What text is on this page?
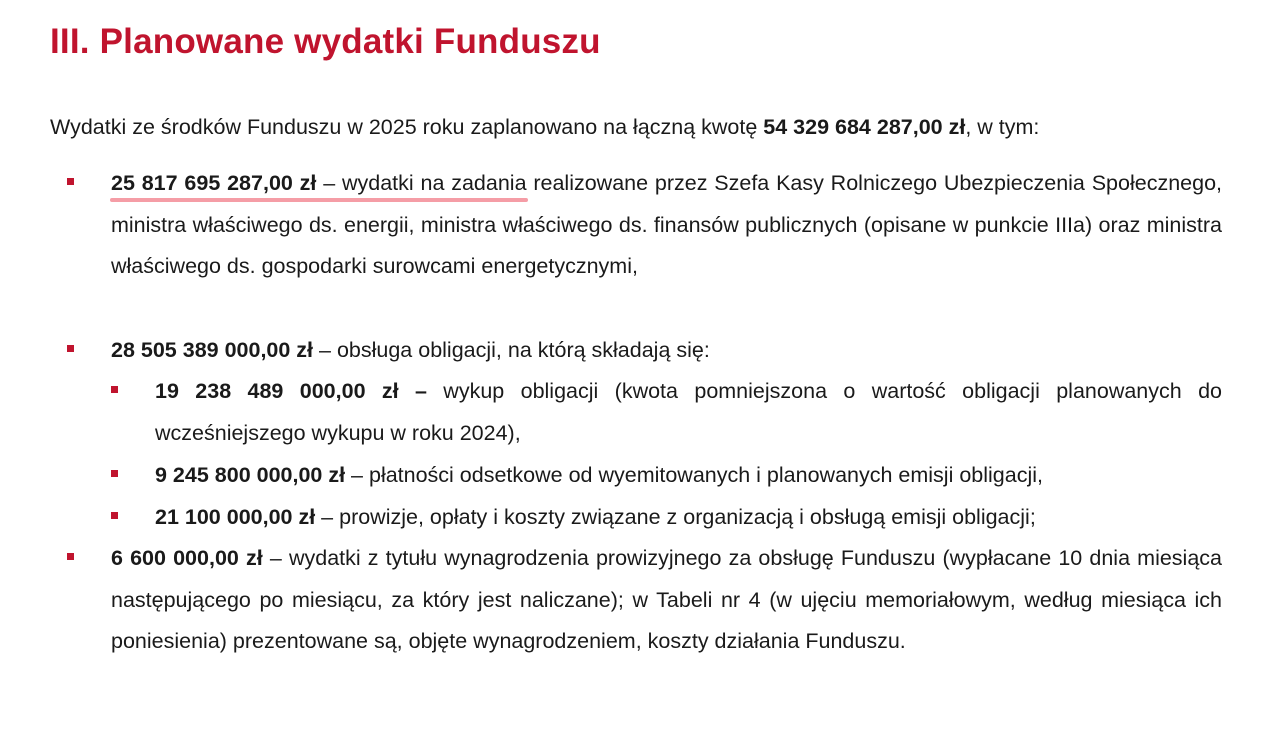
III. Planowane wydatki Funduszu

Wydatki ze środków Funduszu w 2025 roku zaplanowano na łączną kwotę 54 329 684 287,00 zł, w tym:

25 817 695 287,00 zł – wydatki na zadania realizowane przez Szefa Kasy Rolniczego Ubezpieczenia Społecznego, ministra właściwego ds. energii, ministra właściwego ds. finansów publicznych (opisane w punkcie IIIa) oraz ministra właściwego ds. gospodarki surowcami energetycznymi,
28 505 389 000,00 zł – obsługa obligacji, na którą składają się:
19 238 489 000,00 zł – wykup obligacji (kwota pomniejszona o wartość obligacji planowanych do wcześniejszego wykupu w roku 2024),
9 245 800 000,00 zł – płatności odsetkowe od wyemitowanych i planowanych emisji obligacji,
21 100 000,00 zł – prowizje, opłaty i koszty związane z organizacją i obsługą emisji obligacji;
6 600 000,00 zł – wydatki z tytułu wynagrodzenia prowizyjnego za obsługę Funduszu (wypłacane 10 dnia miesiąca następującego po miesiącu, za który jest naliczane); w Tabeli nr 4 (w ujęciu memoriałowym, według miesiąca ich poniesienia) prezentowane są, objęte wynagrodzeniem, koszty działania Funduszu.
